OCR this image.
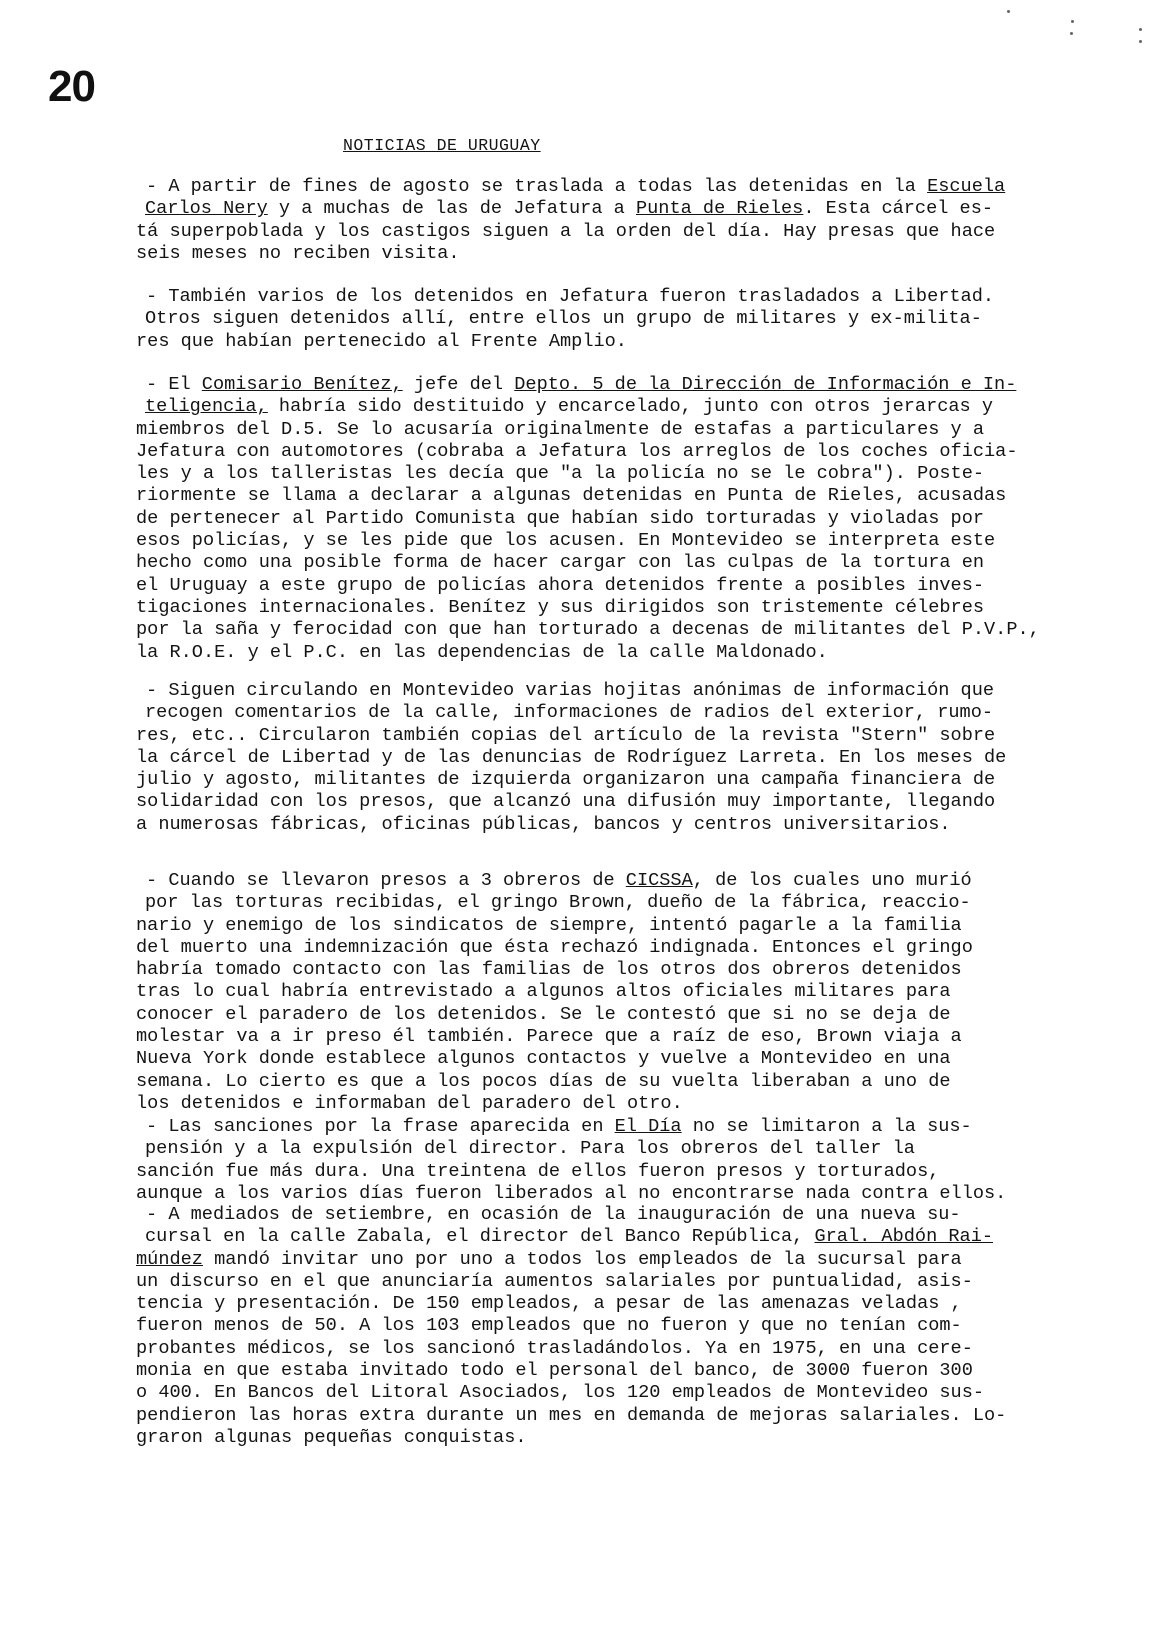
20
NOTICIAS DE URUGUAY
- A partir de fines de agosto se traslada a todas las detenidas en la Escuela
Carlos Nery y a muchas de las de Jefatura a Punta de Rieles. Esta cárcel es-
tá superpoblada y los castigos siguen a la orden del día. Hay presas que hace
seis meses no reciben visita.
- También varios de los detenidos en Jefatura fueron trasladados a Libertad.
Otros siguen detenidos allí, entre ellos un grupo de militares y ex-milita-
res que habían pertenecido al Frente Amplio.
- El Comisario Benítez, jefe del Depto. 5 de la Dirección de Información e In-
teligencia, habría sido destituido y encarcelado, junto con otros jerarcas y
miembros del D.5. Se lo acusaría originalmente de estafas a particulares y a
Jefatura con automotores (cobraba a Jefatura los arreglos de los coches oficia-
les y a los talleristas les decía que "a la policía no se le cobra"). Poste-
riormente se llama a declarar a algunas detenidas en Punta de Rieles, acusadas
de pertenecer al Partido Comunista que habían sido torturadas y violadas por
esos policías, y se les pide que los acusen. En Montevideo se interpreta este
hecho como una posible forma de hacer cargar con las culpas de la tortura en
el Uruguay a este grupo de policías ahora detenidos frente a posibles inves-
tigaciones internacionales. Benítez y sus dirigidos son tristemente célebres
por la saña y ferocidad con que han torturado a decenas de militantes del P.V.P.,
la R.O.E. y el P.C. en las dependencias de la calle Maldonado.
- Siguen circulando en Montevideo varias hojitas anónimas de información que
recogen comentarios de la calle, informaciones de radios del exterior, rumo-
res, etc.. Circularon también copias del artículo de la revista "Stern" sobre
la cárcel de Libertad y de las denuncias de Rodríguez Larreta. En los meses de
julio y agosto, militantes de izquierda organizaron una campaña financiera de
solidaridad con los presos, que alcanzó una difusión muy importante, llegando
a numerosas fábricas, oficinas públicas, bancos y centros universitarios.
- Cuando se llevaron presos a 3 obreros de CICSSA, de los cuales uno murió
por las torturas recibidas, el gringo Brown, dueño de la fábrica, reaccio-
nario y enemigo de los sindicatos de siempre, intentó pagarle a la familia
del muerto una indemnización que ésta rechazó indignada. Entonces el gringo
habría tomado contacto con las familias de los otros dos obreros detenidos
tras lo cual habría entrevistado a algunos altos oficiales militares para
conocer el paradero de los detenidos. Se le contestó que si no se deja de
molestar va a ir preso él también. Parece que a raíz de eso, Brown viaja a
Nueva York donde establece algunos contactos y vuelve a Montevideo en una
semana. Lo cierto es que a los pocos días de su vuelta liberaban a uno de
los detenidos e informaban del paradero del otro.
- Las sanciones por la frase aparecida en El Día no se limitaron a la sus-
pensión y a la expulsión del director. Para los obreros del taller la
sanción fue más dura. Una treintena de ellos fueron presos y torturados,
aunque a los varios días fueron liberados al no encontrarse nada contra ellos.
- A mediados de setiembre, en ocasión de la inauguración de una nueva su-
cursal en la calle Zabala, el director del Banco República, Gral. Abdón Rai-
múndez mandó invitar uno por uno a todos los empleados de la sucursal para
un discurso en el que anunciaría aumentos salariales por puntualidad, asis-
tencia y presentación. De 150 empleados, a pesar de las amenazas veladas ,
fueron menos de 50. A los 103 empleados que no fueron y que no tenían com-
probantes médicos, se los sancionó trasladándolos. Ya en 1975, en una cere-
monia en que estaba invitado todo el personal del banco, de 3000 fueron 300
o 400. En Bancos del Litoral Asociados, los 120 empleados de Montevideo sus-
pendieron las horas extra durante un mes en demanda de mejoras salariales. Lo-
graron algunas pequeñas conquistas.
